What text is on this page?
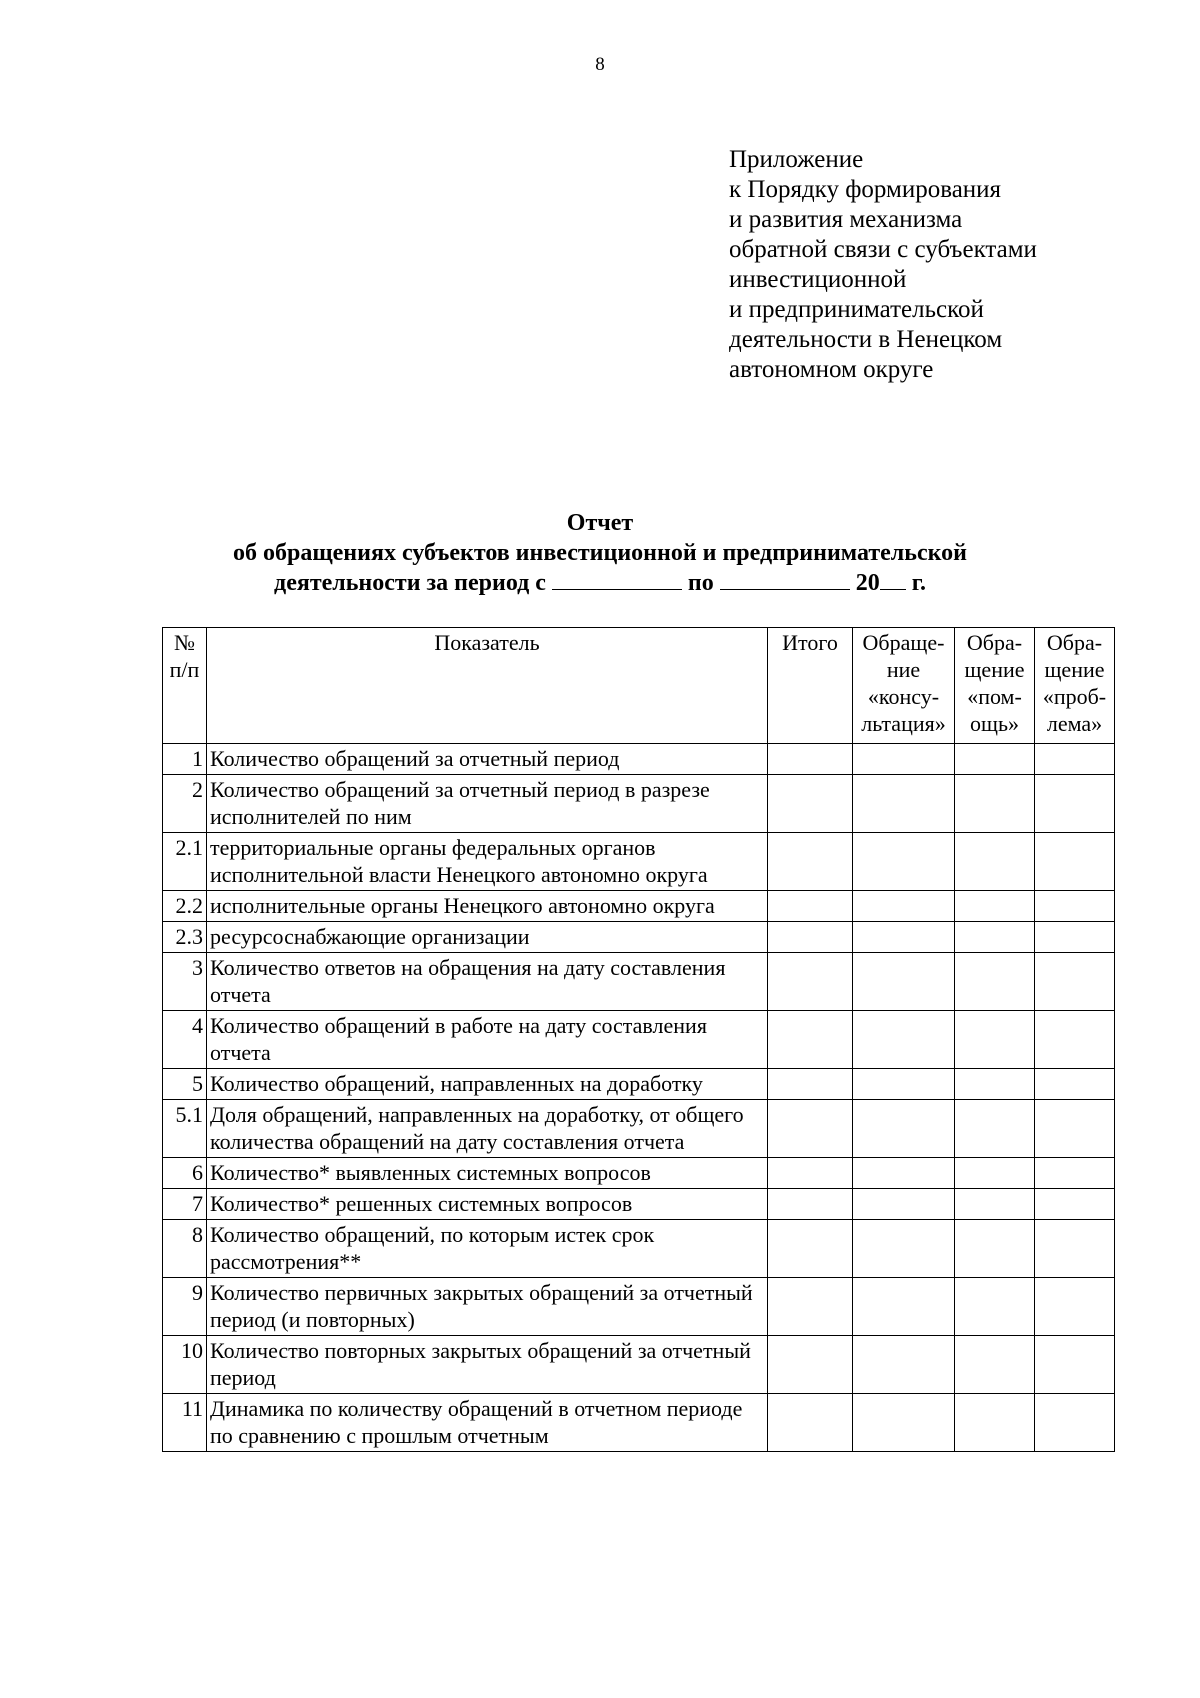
8
Приложение
к Порядку формирования
и развития механизма
обратной связи с субъектами
инвестиционной
и предпринимательской
деятельности в Ненецком
автономном округе
Отчет
об обращениях субъектов инвестиционной и предпринимательской
деятельности за период с	по	20 г.
№ п/п	Показатель	Итого	Обраще- ние «консу- льтация»	Обра- щение «пом- ощь»	Обра- щение «проб- лема»
1	Количество обращений за отчетный период				
2	Количество обращений за отчетный период в разрезе исполнителей по ним				
2.1	территориальные органы федеральных органов исполнительной власти Ненецкого автономно округа				
2.2	исполнительные органы Ненецкого автономно округа				
2.3	ресурсоснабжающие организации				
3	Количество ответов на обращения на дату составления отчета				
4	Количество обращений в работе на дату составления отчета				
5	Количество обращений, направленных на доработку				
5.1	Доля обращений, направленных на доработку, от общего количества обращений на дату составления отчета				
6	Количество* выявленных системных вопросов				
7	Количество* решенных системных вопросов				
8	Количество обращений, по которым истек срок рассмотрения**				
9	Количество первичных закрытых обращений за отчетный период (и повторных)				
10	Количество повторных закрытых обращений за отчетный период				
11	Динамика по количеству обращений в отчетном периоде по сравнению с прошлым отчетным				
